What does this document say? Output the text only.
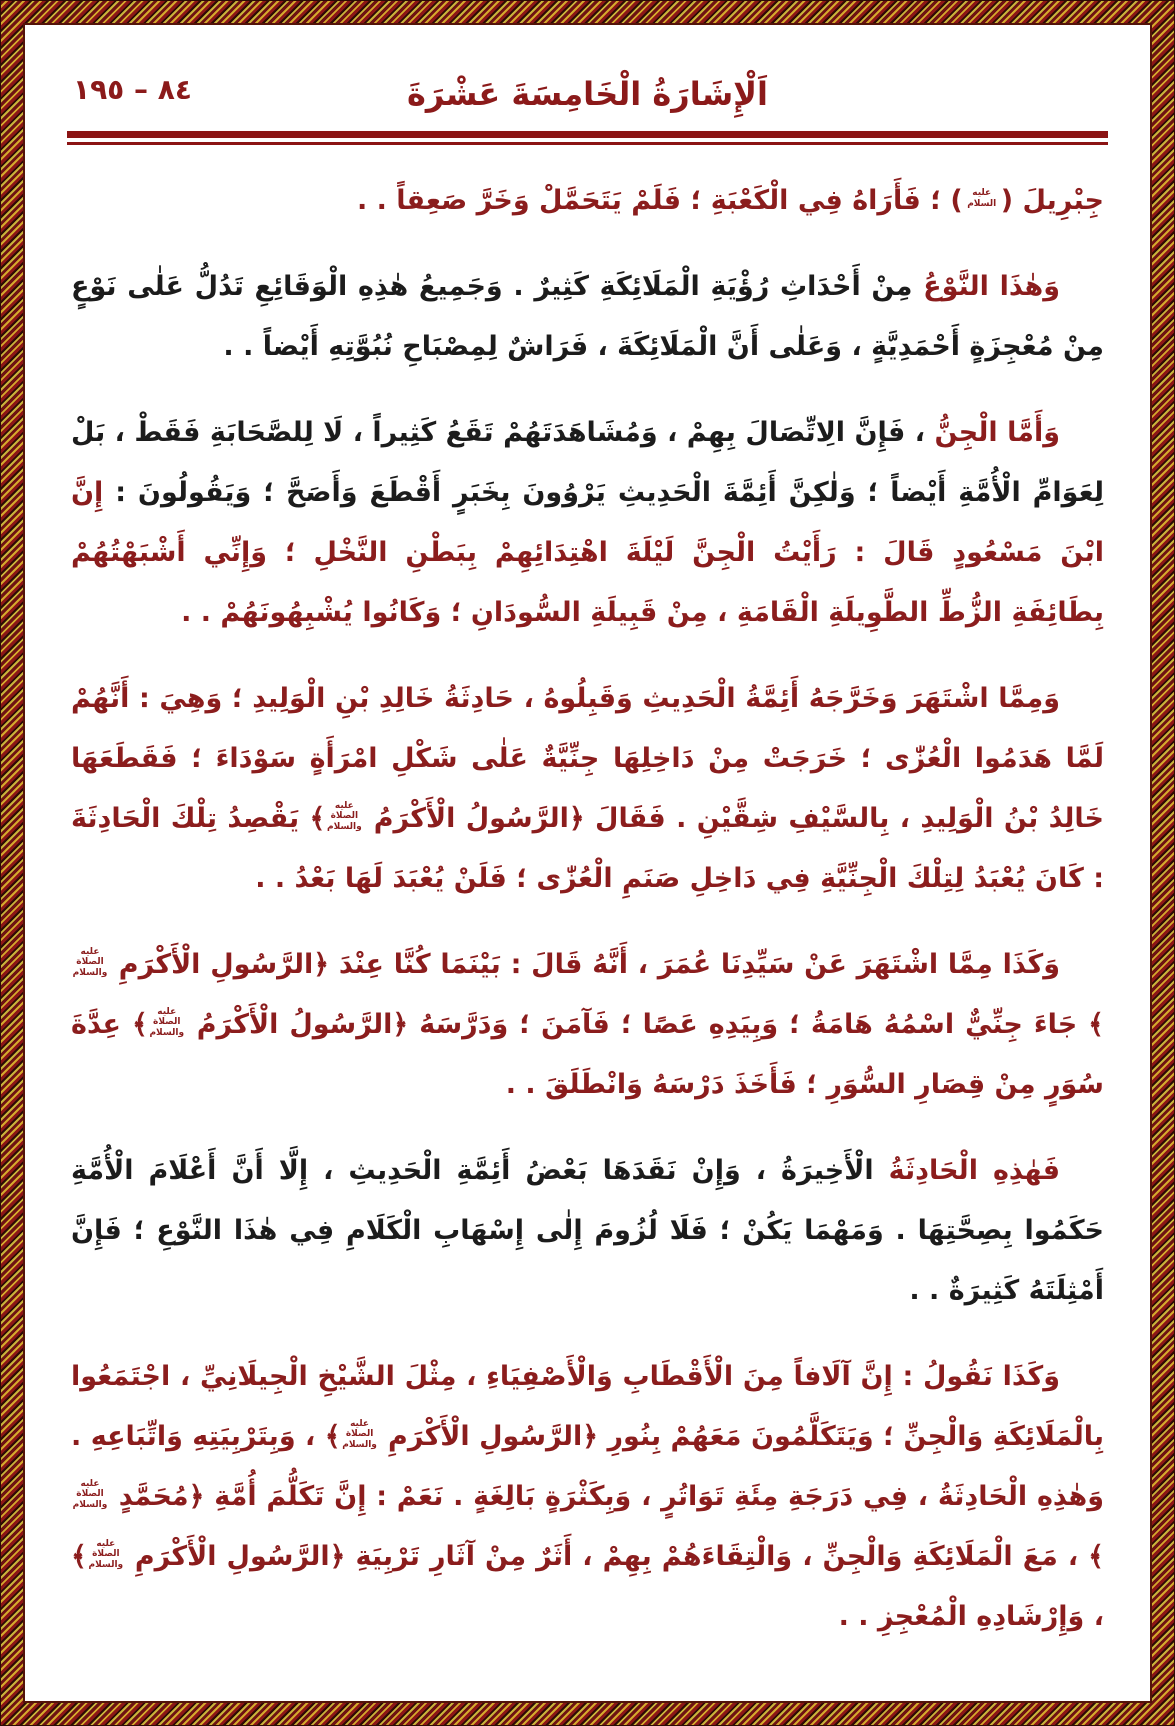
٨٤ – ١٩٥	اَلْإِشَارَةُ الْخَامِسَةَ عَشْرَةَ

جِبْرِيلَ (عليه السلام) ؛ فَأَرَاهُ فِي الْكَعْبَةِ ؛ فَلَمْ يَتَحَمَّلْ وَخَرَّ صَعِقاً . .

وَهٰذَا النَّوْعُ مِنْ أَحْدَاثِ رُؤْيَةِ الْمَلَائِكَةِ كَثِيرٌ . وَجَمِيعُ هٰذِهِ الْوَقَائِعِ تَدُلُّ عَلٰى نَوْعٍ مِنْ مُعْجِزَةٍ أَحْمَدِيَّةٍ ، وَعَلٰى أَنَّ الْمَلَائِكَةَ ، فَرَاشٌ لِمِصْبَاحِ نُبُوَّتِهِ أَيْضاً . .

وَأَمَّا الْجِنُّ ، فَإِنَّ الِاتِّصَالَ بِهِمْ ، وَمُشَاهَدَتَهُمْ تَقَعُ كَثِيراً ، لَا لِلصَّحَابَةِ فَقَطْ ، بَلْ لِعَوَامِّ الْأُمَّةِ أَيْضاً ؛ وَلٰكِنَّ أَئِمَّةَ الْحَدِيثِ يَرْوُونَ بِخَبَرٍ أَقْطَعَ وَأَصَحَّ ؛ وَيَقُولُونَ : إِنَّ ابْنَ مَسْعُودٍ قَالَ : رَأَيْتُ الْجِنَّ لَيْلَةَ اهْتِدَائِهِمْ بِبَطْنِ النَّخْلِ ؛ وَإِنِّي أَشْبَهْتُهُمْ بِطَائِفَةِ الزُّطِّ الطَّوِيلَةِ الْقَامَةِ ، مِنْ قَبِيلَةِ السُّودَانِ ؛ وَكَانُوا يُشْبِهُونَهُمْ . .

وَمِمَّا اشْتَهَرَ وَخَرَّجَهُ أَئِمَّةُ الْحَدِيثِ وَقَبِلُوهُ ، حَادِثَةُ خَالِدِ بْنِ الْوَلِيدِ ؛ وَهِيَ : أَنَّهُمْ لَمَّا هَدَمُوا الْعُزّٰى ؛ خَرَجَتْ مِنْ دَاخِلِهَا جِنِّيَّةٌ عَلٰى شَكْلِ امْرَأَةٍ سَوْدَاءَ ؛ فَقَطَعَهَا خَالِدُ بْنُ الْوَلِيدِ ، بِالسَّيْفِ شِقَّيْنِ . فَقَالَ ﴿الرَّسُولُ الْأَكْرَمُ عليه الصلاة والسلام﴾ يَقْصِدُ تِلْكَ الْحَادِثَةَ : كَانَ يُعْبَدُ لِتِلْكَ الْجِنِّيَّةِ فِي دَاخِلِ صَنَمِ الْعُزّٰى ؛ فَلَنْ يُعْبَدَ لَهَا بَعْدُ . .

وَكَذَا مِمَّا اشْتَهَرَ عَنْ سَيِّدِنَا عُمَرَ ، أَنَّهُ قَالَ : بَيْنَمَا كُنَّا عِنْدَ ﴿الرَّسُولِ الْأَكْرَمِ عليه الصلاة والسلام﴾ جَاءَ جِنِّيٌّ اسْمُهُ هَامَةُ ؛ وَبِيَدِهِ عَصًا ؛ فَآمَنَ ؛ وَدَرَّسَهُ ﴿الرَّسُولُ الْأَكْرَمُ عليه الصلاة والسلام﴾ عِدَّةَ سُوَرٍ مِنْ قِصَارِ السُّوَرِ ؛ فَأَخَذَ دَرْسَهُ وَانْطَلَقَ . .

فَهٰذِهِ الْحَادِثَةُ الْأَخِيرَةُ ، وَإِنْ نَقَدَهَا بَعْضُ أَئِمَّةِ الْحَدِيثِ ، إِلَّا أَنَّ أَعْلَامَ الْأُمَّةِ حَكَمُوا بِصِحَّتِهَا . وَمَهْمَا يَكُنْ ؛ فَلَا لُزُومَ إِلٰى إِسْهَابِ الْكَلَامِ فِي هٰذَا النَّوْعِ ؛ فَإِنَّ أَمْثِلَتَهُ كَثِيرَةٌ . .

وَكَذَا نَقُولُ : إِنَّ آلَافاً مِنَ الْأَقْطَابِ وَالْأَصْفِيَاءِ ، مِثْلَ الشَّيْخِ الْجِيلَانِيِّ ، اجْتَمَعُوا بِالْمَلَائِكَةِ وَالْجِنِّ ؛ وَيَتَكَلَّمُونَ مَعَهُمْ بِنُورِ ﴿الرَّسُولِ الْأَكْرَمِ عليه الصلاة والسلام﴾ ، وَبِتَرْبِيَتِهِ وَاتِّبَاعِهِ . وَهٰذِهِ الْحَادِثَةُ ، فِي دَرَجَةِ مِئَةِ تَوَاتُرٍ ، وَبِكَثْرَةٍ بَالِغَةٍ . نَعَمْ : إِنَّ تَكَلُّمَ أُمَّةِ ﴿مُحَمَّدٍ عليه الصلاة والسلام﴾ ، مَعَ الْمَلَائِكَةِ وَالْجِنِّ ، وَالْتِقَاءَهُمْ بِهِمْ ، أَثَرٌ مِنْ آثَارِ تَرْبِيَةِ ﴿الرَّسُولِ الْأَكْرَمِ عليه الصلاة والسلام﴾ ، وَإِرْشَادِهِ الْمُعْجِزِ . .
